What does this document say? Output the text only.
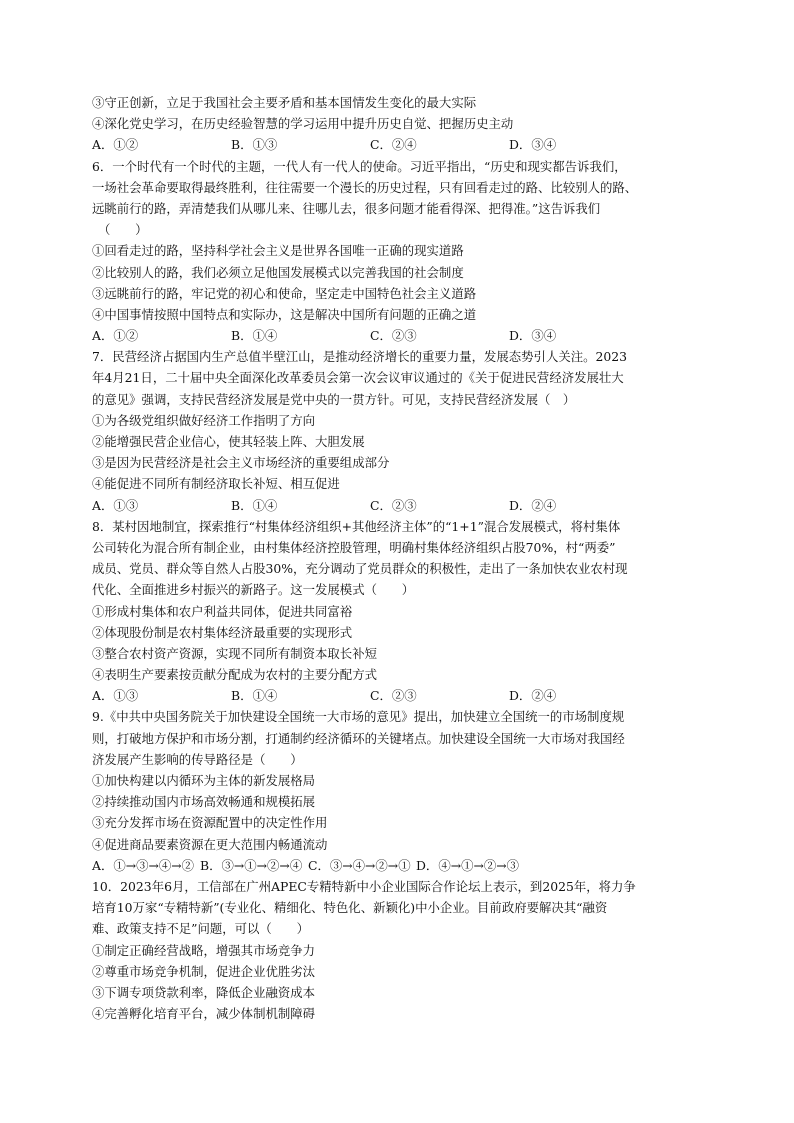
③守正创新，立足于我国社会主要矛盾和基本国情发生变化的最大实际
④深化党史学习，在历史经验智慧的学习运用中提升历史自觉、把握历史主动
A．①②	B．①③	C．②④	D．③④
6．一个时代有一个时代的主题，一代人有一代人的使命。习近平指出，“历史和现实都告诉我们，
一场社会革命要取得最终胜利，往往需要一个漫长的历史过程，只有回看走过的路、比较别人的路、
远眺前行的路，弄清楚我们从哪儿来、往哪儿去，很多问题才能看得深、把得准。”这告诉我们
（　　）
①回看走过的路，坚持科学社会主义是世界各国唯一正确的现实道路
②比较别人的路，我们必须立足他国发展模式以完善我国的社会制度
③远眺前行的路，牢记党的初心和使命，坚定走中国特色社会主义道路
④中国事情按照中国特点和实际办，这是解决中国所有问题的正确之道
A．①②	B．①④	C．②③	D．③④
7．民营经济占据国内生产总值半壁江山，是推动经济增长的重要力量，发展态势引人关注。2023
年4月21日，二十届中央全面深化改革委员会第一次会议审议通过的《关于促进民营经济发展壮大
的意见》强调，支持民营经济发展是党中央的一贯方针。可见，支持民营经济发展（　）
①为各级党组织做好经济工作指明了方向
②能增强民营企业信心，使其轻装上阵、大胆发展
③是因为民营经济是社会主义市场经济的重要组成部分
④能促进不同所有制经济取长补短、相互促进
A．①③	B．①④	C．②③	D．②④
8．某村因地制宜，探索推行“村集体经济组织+其他经济主体”的“1+1”混合发展模式，将村集体
公司转化为混合所有制企业，由村集体经济控股管理，明确村集体经济组织占股70%，村“两委”
成员、党员、群众等自然人占股30%，充分调动了党员群众的积极性，走出了一条加快农业农村现
代化、全面推进乡村振兴的新路子。这一发展模式（　　）
①形成村集体和农户利益共同体，促进共同富裕
②体现股份制是农村集体经济最重要的实现形式
③整合农村资产资源，实现不同所有制资本取长补短
④表明生产要素按贡献分配成为农村的主要分配方式
A．①③	B．①④	C．②③	D．②④
9.《中共中央国务院关于加快建设全国统一大市场的意见》提出，加快建立全国统一的市场制度规
则，打破地方保护和市场分割，打通制约经济循环的关键堵点。加快建设全国统一大市场对我国经
济发展产生影响的传导路径是（　　）
①加快构建以内循环为主体的新发展格局
②持续推动国内市场高效畅通和规模拓展
③充分发挥市场在资源配置中的决定性作用
④促进商品要素资源在更大范围内畅通流动
A．①→③→④→② B．③→①→②→④ C．③→④→②→① D．④→①→②→③
10．2023年6月，工信部在广州APEC专精特新中小企业国际合作论坛上表示，到2025年，将力争
培育10万家“专精特新”(专业化、精细化、特色化、新颖化)中小企业。目前政府要解决其“融资
难、政策支持不足”问题，可以（　　）
①制定正确经营战略，增强其市场竞争力
②尊重市场竞争机制，促进企业优胜劣汰
③下调专项贷款利率，降低企业融资成本
④完善孵化培育平台，减少体制机制障碍
